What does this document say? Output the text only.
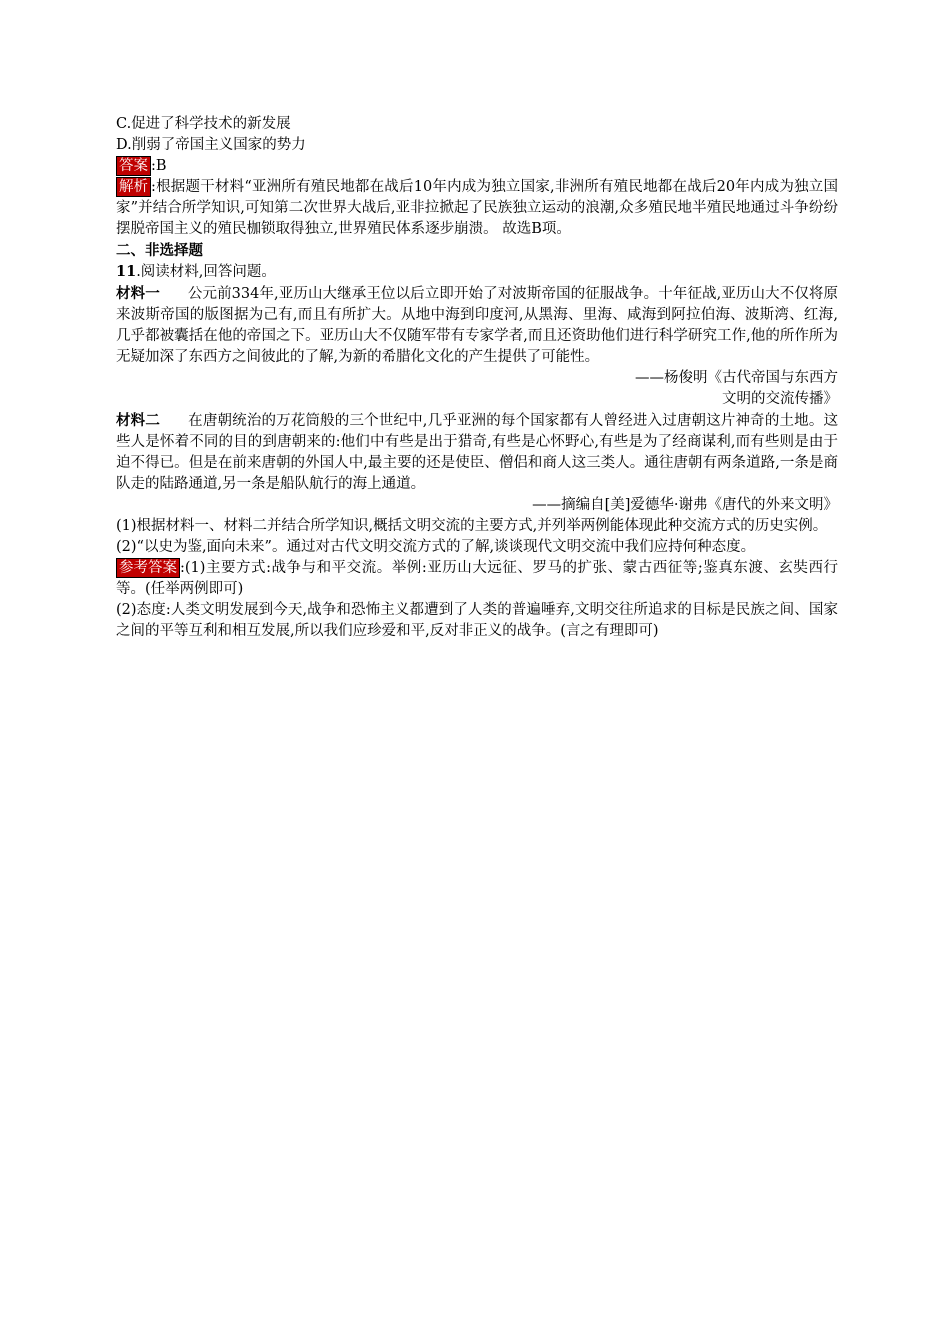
C.促进了科学技术的新发展
D.削弱了帝国主义国家的势力
答案 :B
解析 :根据题干材料“亚洲所有殖民地都在战后10年内成为独立国家,非洲所有殖民地都在战后20年内成为独立国家”并结合所学知识,可知第二次世界大战后,亚非拉掀起了民族独立运动的浪潮,众多殖民地半殖民地通过斗争纷纷摆脱帝国主义的殖民枷锁取得独立,世界殖民体系逐步崩溃。 故选B项。
二、非选择题
11.阅读材料,回答问题。
材料一 公元前334年,亚历山大继承王位以后立即开始了对波斯帝国的征服战争。十年征战,亚历山大不仅将原来波斯帝国的版图据为己有,而且有所扩大。从地中海到印度河,从黑海、里海、咸海到阿拉伯海、波斯湾、红海,几乎都被囊括在他的帝国之下。亚历山大不仅随军带有专家学者,而且还资助他们进行科学研究工作,他的所作所为无疑加深了东西方之间彼此的了解,为新的希腊化文化的产生提供了可能性。
——杨俊明《古代帝国与东西方
文明的交流传播》
材料二 在唐朝统治的万花筒般的三个世纪中,几乎亚洲的每个国家都有人曾经进入过唐朝这片神奇的土地。这些人是怀着不同的目的到唐朝来的:他们中有些是出于猎奇,有些是心怀野心,有些是为了经商谋利,而有些则是由于迫不得已。但是在前来唐朝的外国人中,最主要的还是使臣、僧侣和商人这三类人。通往唐朝有两条道路,一条是商队走的陆路通道,另一条是船队航行的海上通道。
——摘编自[美]爱德华·谢弗《唐代的外来文明》
(1)根据材料一、材料二并结合所学知识,概括文明交流的主要方式,并列举两例能体现此种交流方式的历史实例。
(2)“以史为鉴,面向未来”。通过对古代文明交流方式的了解,谈谈现代文明交流中我们应持何种态度。
参考答案 :(1)主要方式:战争与和平交流。举例:亚历山大远征、罗马的扩张、蒙古西征等;鉴真东渡、玄奘西行等。(任举两例即可)
(2)态度:人类文明发展到今天,战争和恐怖主义都遭到了人类的普遍唾弃,文明交往所追求的目标是民族之间、国家之间的平等互利和相互发展,所以我们应珍爱和平,反对非正义的战争。(言之有理即可)
